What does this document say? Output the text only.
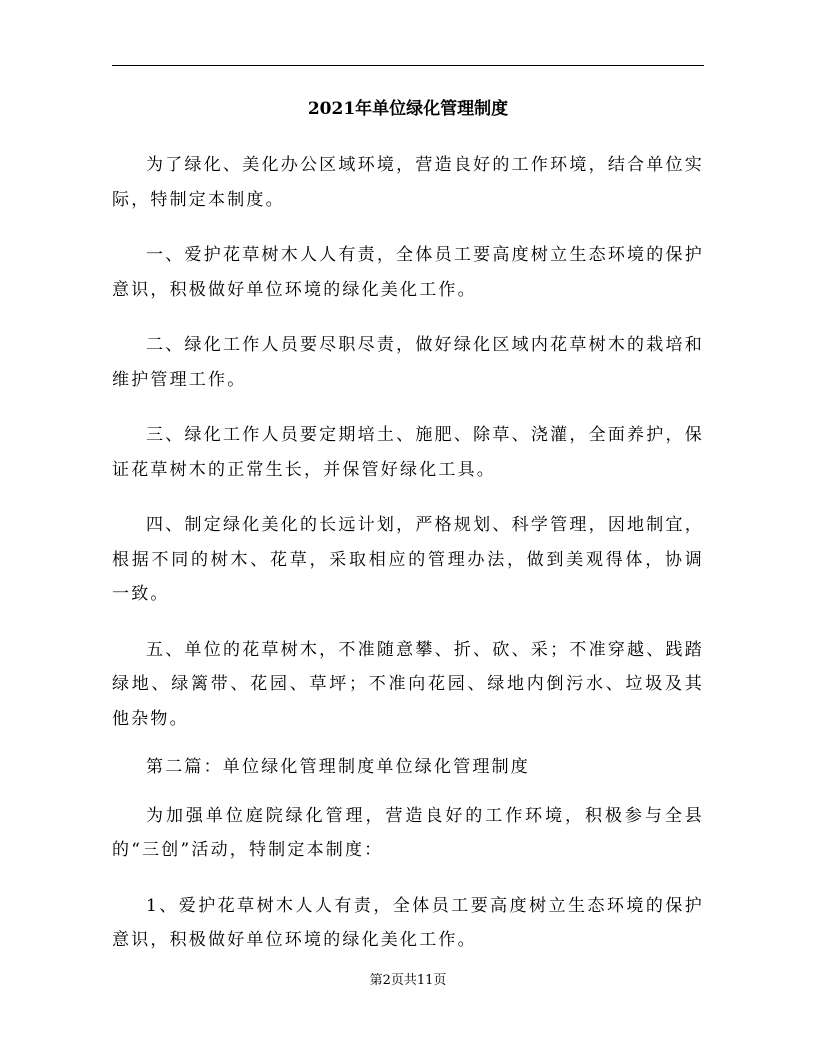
2021年单位绿化管理制度

为了绿化、美化办公区域环境，营造良好的工作环境，结合单位实际，特制定本制度。

一、爱护花草树木人人有责，全体员工要高度树立生态环境的保护意识，积极做好单位环境的绿化美化工作。

二、绿化工作人员要尽职尽责，做好绿化区域内花草树木的栽培和维护管理工作。

三、绿化工作人员要定期培土、施肥、除草、浇灌，全面养护，保证花草树木的正常生长，并保管好绿化工具。

四、制定绿化美化的长远计划，严格规划、科学管理，因地制宜，根据不同的树木、花草，采取相应的管理办法，做到美观得体，协调一致。

五、单位的花草树木，不准随意攀、折、砍、采；不准穿越、践踏绿地、绿篱带、花园、草坪；不准向花园、绿地内倒污水、垃圾及其他杂物。

第二篇：单位绿化管理制度单位绿化管理制度

为加强单位庭院绿化管理，营造良好的工作环境，积极参与全县的“三创”活动，特制定本制度：

1、爱护花草树木人人有责，全体员工要高度树立生态环境的保护意识，积极做好单位环境的绿化美化工作。

第2页共11页
